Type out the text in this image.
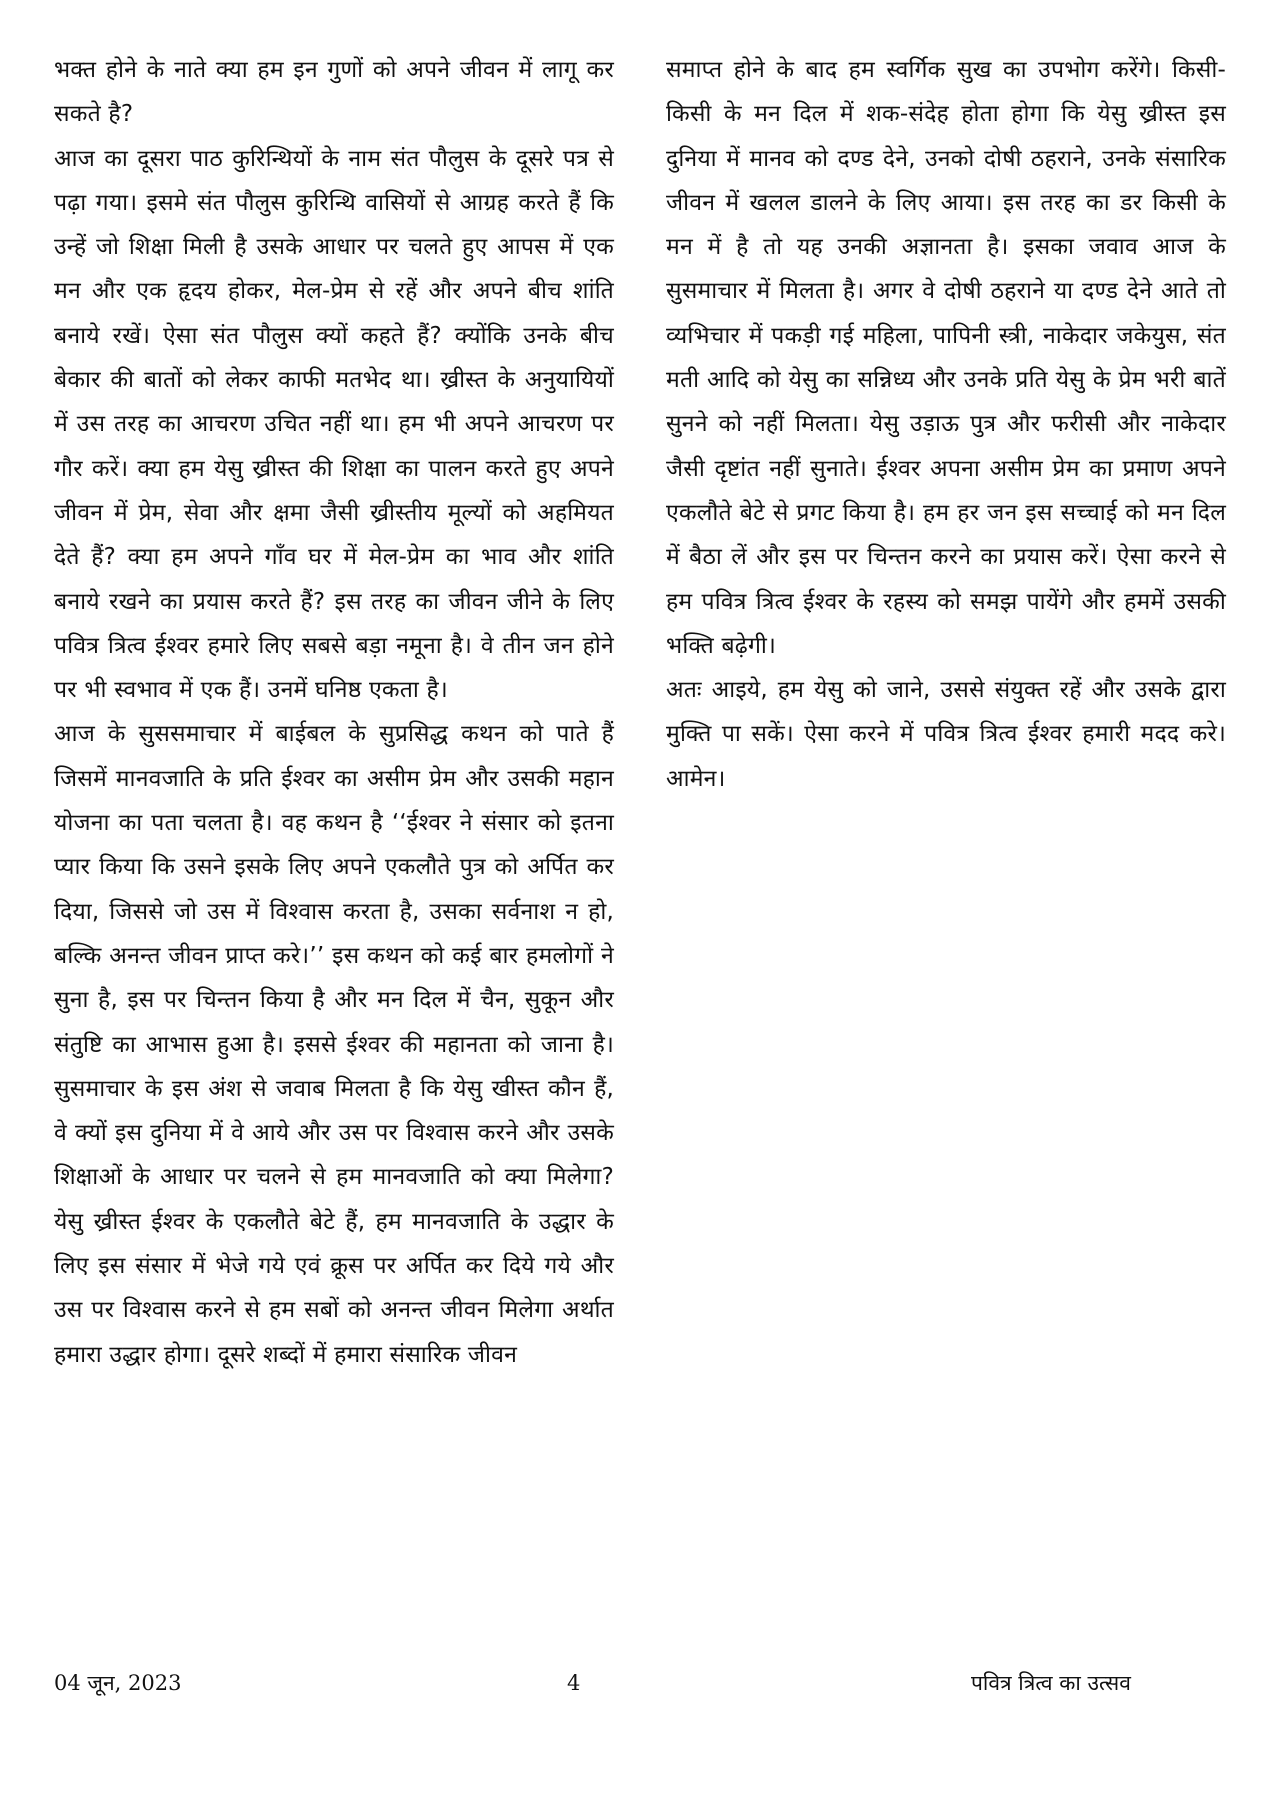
भक्त होने के नाते क्या हम इन गुणों को अपने जीवन में लागू कर सकते है?

आज का दूसरा पाठ कुरिन्थियों के नाम संत पौलुस के दूसरे पत्र से पढ़ा गया। इसमे संत पौलुस कुरिन्थि वासियों से आग्रह करते हैं कि उन्हें जो शिक्षा मिली है उसके आधार पर चलते हुए आपस में एक मन और एक हृदय होकर, मेल-प्रेम से रहें और अपने बीच शांति बनाये रखें। ऐसा संत पौलुस क्यों कहते हैं? क्योंकि उनके बीच बेकार की बातों को लेकर काफी मतभेद था। ख्रीस्त के अनुयायियों में उस तरह का आचरण उचित नहीं था। हम भी अपने आचरण पर गौर करें। क्या हम येसु ख्रीस्त की शिक्षा का पालन करते हुए अपने जीवन में प्रेम, सेवा और क्षमा जैसी ख्रीस्तीय मूल्यों को अहमियत देते हैं? क्या हम अपने गाँव घर में मेल-प्रेम का भाव और शांति बनाये रखने का प्रयास करते हैं? इस तरह का जीवन जीने के लिए पवित्र त्रित्व ईश्वर हमारे लिए सबसे बड़ा नमूना है। वे तीन जन होने पर भी स्वभाव में एक हैं। उनमें घनिष्ठ एकता है।

आज के सुससमाचार में बाईबल के सुप्रसिद्ध कथन को पाते हैं जिसमें मानवजाति के प्रति ईश्वर का असीम प्रेम और उसकी महान योजना का पता चलता है। वह कथन है ‘‘ईश्वर ने संसार को इतना प्यार किया कि उसने इसके लिए अपने एकलौते पुत्र को अर्पित कर दिया, जिससे जो उस में विश्वास करता है, उसका सर्वनाश न हो, बल्कि अनन्त जीवन प्राप्त करे।’’ इस कथन को कई बार हमलोगों ने सुना है, इस पर चिन्तन किया है और मन दिल में चैन, सुकून और संतुष्टि का आभास हुआ है। इससे ईश्वर की महानता को जाना है। सुसमाचार के इस अंश से जवाब मिलता है कि येसु खीस्त कौन हैं, वे क्यों इस दुनिया में वे आये और उस पर विश्वास करने और उसके शिक्षाओं के आधार पर चलने से हम मानवजाति को क्या मिलेगा? येसु ख्रीस्त ईश्वर के एकलौते बेटे हैं, हम मानवजाति के उद्धार के लिए इस संसार में भेजे गये एवं क्रूस पर अर्पित कर दिये गये और उस पर विश्वास करने से हम सबों को अनन्त जीवन मिलेगा अर्थात हमारा उद्धार होगा। दूसरे शब्दों में हमारा संसारिक जीवन

समाप्त होने के बाद हम स्वर्गिक सुख का उपभोग करेंगे। किसी-किसी के मन दिल में शक-संदेह होता होगा कि येसु ख्रीस्त इस दुनिया में मानव को दण्ड देने, उनको दोषी ठहराने, उनके संसारिक जीवन में खलल डालने के लिए आया। इस तरह का डर किसी के मन में है तो यह उनकी अज्ञानता है। इसका जवाव आज के सुसमाचार में मिलता है। अगर वे दोषी ठहराने या दण्ड देने आते तो व्यभिचार में पकड़ी गई महिला, पापिनी स्त्री, नाकेदार जकेयुस, संत मती आदि को येसु का सन्निध्य और उनके प्रति येसु के प्रेम भरी बातें सुनने को नहीं मिलता। येसु उड़ाऊ पुत्र और फरीसी और नाकेदार जैसी दृष्टांत नहीं सुनाते। ईश्वर अपना असीम प्रेम का प्रमाण अपने एकलौते बेटे से प्रगट किया है। हम हर जन इस सच्चाई को मन दिल में बैठा लें और इस पर चिन्तन करने का प्रयास करें। ऐसा करने से हम पवित्र त्रित्व ईश्वर के रहस्य को समझ पायेंगे और हममें उसकी भक्ति बढ़ेगी।

अतः आइये, हम येसु को जाने, उससे संयुक्त रहें और उसके द्वारा मुक्ति पा सकें। ऐसा करने में पवित्र त्रित्व ईश्वर हमारी मदद करे। आमेन।

04 जून, 2023	4	पवित्र त्रित्व का उत्सव
